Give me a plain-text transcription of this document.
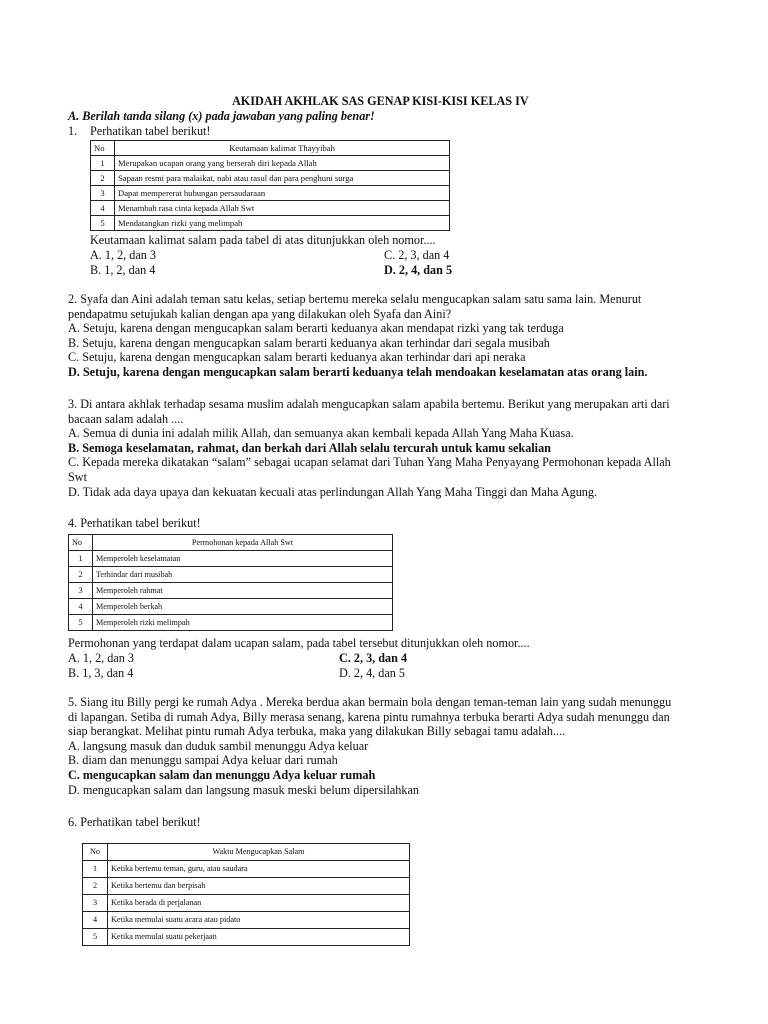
AKIDAH AKHLAK SAS GENAP KISI-KISI KELAS IV
A. Berilah tanda silang (x) pada jawaban yang paling benar!
1. Perhatikan tabel berikut!
No	Keutamaan kalimat Thayyibah
1	Merupakan ucapan orang yang berserah diri kepada Allah
2	Sapaan resmi para malaikat, nabi atau rasul dan para penghuni surga
3	Dapat mempererat hubungan persaudaraan
4	Menambah rasa cinta kepada Allah Swt
5	Mendatangkan rizki yang melimpah
Keutamaan kalimat salam pada tabel di atas ditunjukkan oleh nomor....
A. 1, 2, dan 3	C. 2, 3, dan 4
B. 1, 2, dan 4	D. 2, 4, dan 5
2. Syafa dan Aini adalah teman satu kelas, setiap bertemu mereka selalu mengucapkan salam satu sama lain. Menurut
pendapatmu setujukah kalian dengan apa yang dilakukan oleh Syafa dan Aini?
A. Setuju, karena dengan mengucapkan salam berarti keduanya akan mendapat rizki yang tak terduga
B. Setuju, karena dengan mengucapkan salam berarti keduanya akan terhindar dari segala musibah
C. Setuju, karena dengan mengucapkan salam berarti keduanya akan terhindar dari api neraka
D. Setuju, karena dengan mengucapkan salam berarti keduanya telah mendoakan keselamatan atas orang lain.
3. Di antara akhlak terhadap sesama muslim adalah mengucapkan salam apabila bertemu. Berikut yang merupakan arti dari
bacaan salam adalah ....
A. Semua di dunia ini adalah milik Allah, dan semuanya akan kembali kepada Allah Yang Maha Kuasa.
B. Semoga keselamatan, rahmat, dan berkah dari Allah selalu tercurah untuk kamu sekalian
C. Kepada mereka dikatakan “salam” sebagai ucapan selamat dari Tuhan Yang Maha Penyayang Permohonan kepada Allah
Swt
D. Tidak ada daya upaya dan kekuatan kecuali atas perlindungan Allah Yang Maha Tinggi dan Maha Agung.
4. Perhatikan tabel berikut!
No	Permohonan kepada Allah Swt
1	Memperoleh keselamatan
2	Terhindar dari musibah
3	Memperoleh rahmat
4	Memperoleh berkah
5	Memperoleh rizki melimpah
Permohonan yang terdapat dalam ucapan salam, pada tabel tersebut ditunjukkan oleh nomor....
A. 1, 2, dan 3	C. 2, 3, dan 4
B. 1, 3, dan 4	D. 2, 4, dan 5
5. Siang itu Billy pergi ke rumah Adya . Mereka berdua akan bermain bola dengan teman-teman lain yang sudah menunggu
di lapangan. Setiba di rumah Adya, Billy merasa senang, karena pintu rumahnya terbuka berarti Adya sudah menunggu dan
siap berangkat. Melihat pintu rumah Adya terbuka, maka yang dilakukan Billy sebagai tamu adalah....
A. langsung masuk dan duduk sambil menunggu Adya keluar
B. diam dan menunggu sampai Adya keluar dari rumah
C. mengucapkan salam dan menunggu Adya keluar rumah
D. mengucapkan salam dan langsung masuk meski belum dipersilahkan
6. Perhatikan tabel berikut!
No	Waktu Mengucapkan Salam
1	Ketika bertemu teman, guru, atau saudara
2	Ketika bertemu dan berpisah
3	Ketika berada di perjalanan
4	Ketika memulai suatu acara atau pidato
5	Ketika memulai suatu pekerjaan
